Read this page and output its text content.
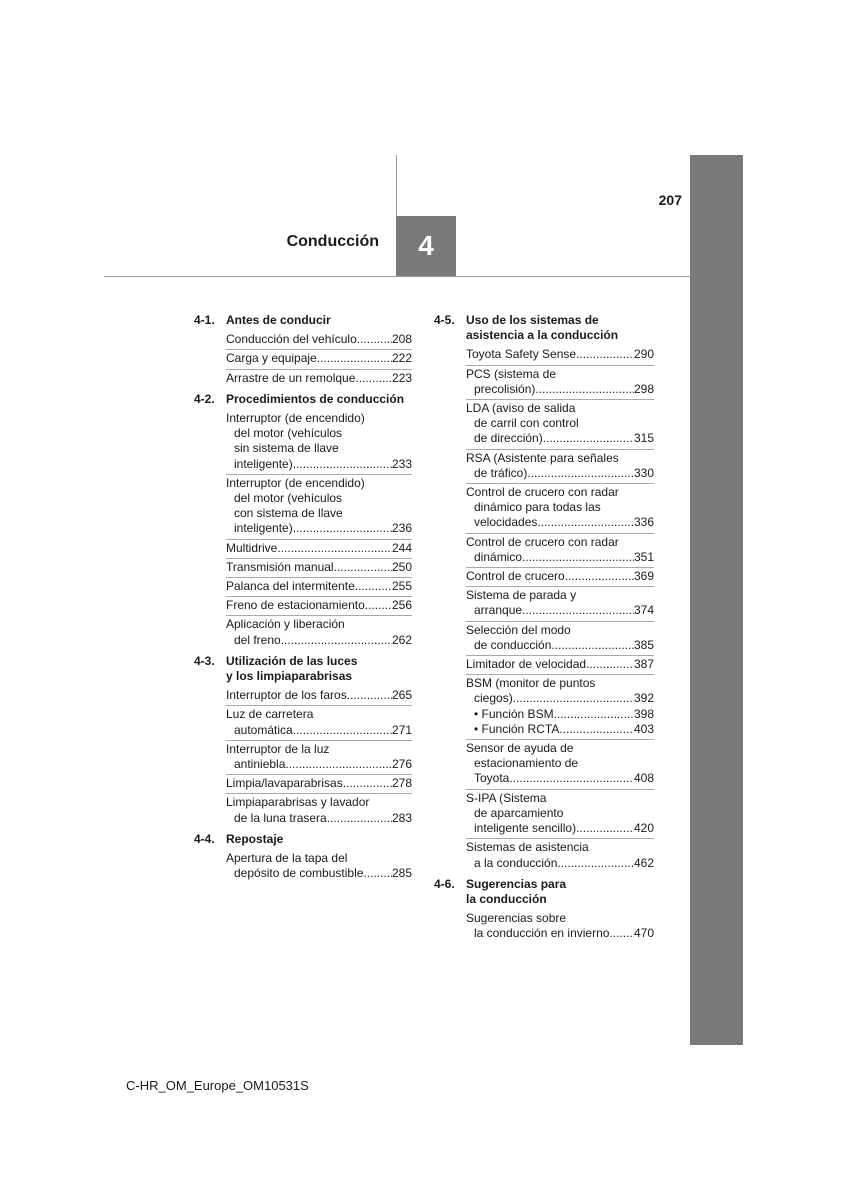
4
Conducción
207
4-1. Antes de conducir
Conducción del vehículo .....	208
Carga y equipaje .....	222
Arrastre de un remolque .....	223
4-2. Procedimientos de conducción
Interruptor (de encendido)
del motor (vehículos
sin sistema de llave
inteligente) .....	233
Interruptor (de encendido)
del motor (vehículos
con sistema de llave
inteligente) .....	236
Multidrive .....	244
Transmisión manual .....	250
Palanca del intermitente .....	255
Freno de estacionamiento ..... 256
Aplicación y liberación
del freno .....	262
4-3. Utilización de las luces
y los limpiaparabrisas
Interruptor de los faros .....	265
Luz de carretera
automática .....	271
Interruptor de la luz
antiniebla .....	276
Limpia/lavaparabrisas .....	278
Limpiaparabrisas y lavador
de la luna trasera .....	283
4-4. Repostaje
Apertura de la tapa del
depósito de combustible ..... 285
4-5. Uso de los sistemas de
asistencia a la conducción
Toyota Safety Sense .....	290
PCS (sistema de
precolisión) .....	298
LDA (aviso de salida
de carril con control
de dirección) .....	315
RSA (Asistente para señales
de tráfico) .....	330
Control de crucero con radar
dinámico para todas las
velocidades .....	336
Control de crucero con radar
dinámico .....	351
Control de crucero .....	369
Sistema de parada y
arranque .....	374
Selección del modo
de conducción .....	385
Limitador de velocidad .....	387
BSM (monitor de puntos
ciegos) .....	392
• Función BSM .....	398
• Función RCTA .....	403
Sensor de ayuda de
estacionamiento de
Toyota .....	408
S-IPA (Sistema
de aparcamiento
inteligente sencillo) .....	420
Sistemas de asistencia
a la conducción .....	462
4-6. Sugerencias para
la conducción
Sugerencias sobre
la conducción en invierno ..... 470
C-HR_OM_Europe_OM10531S
